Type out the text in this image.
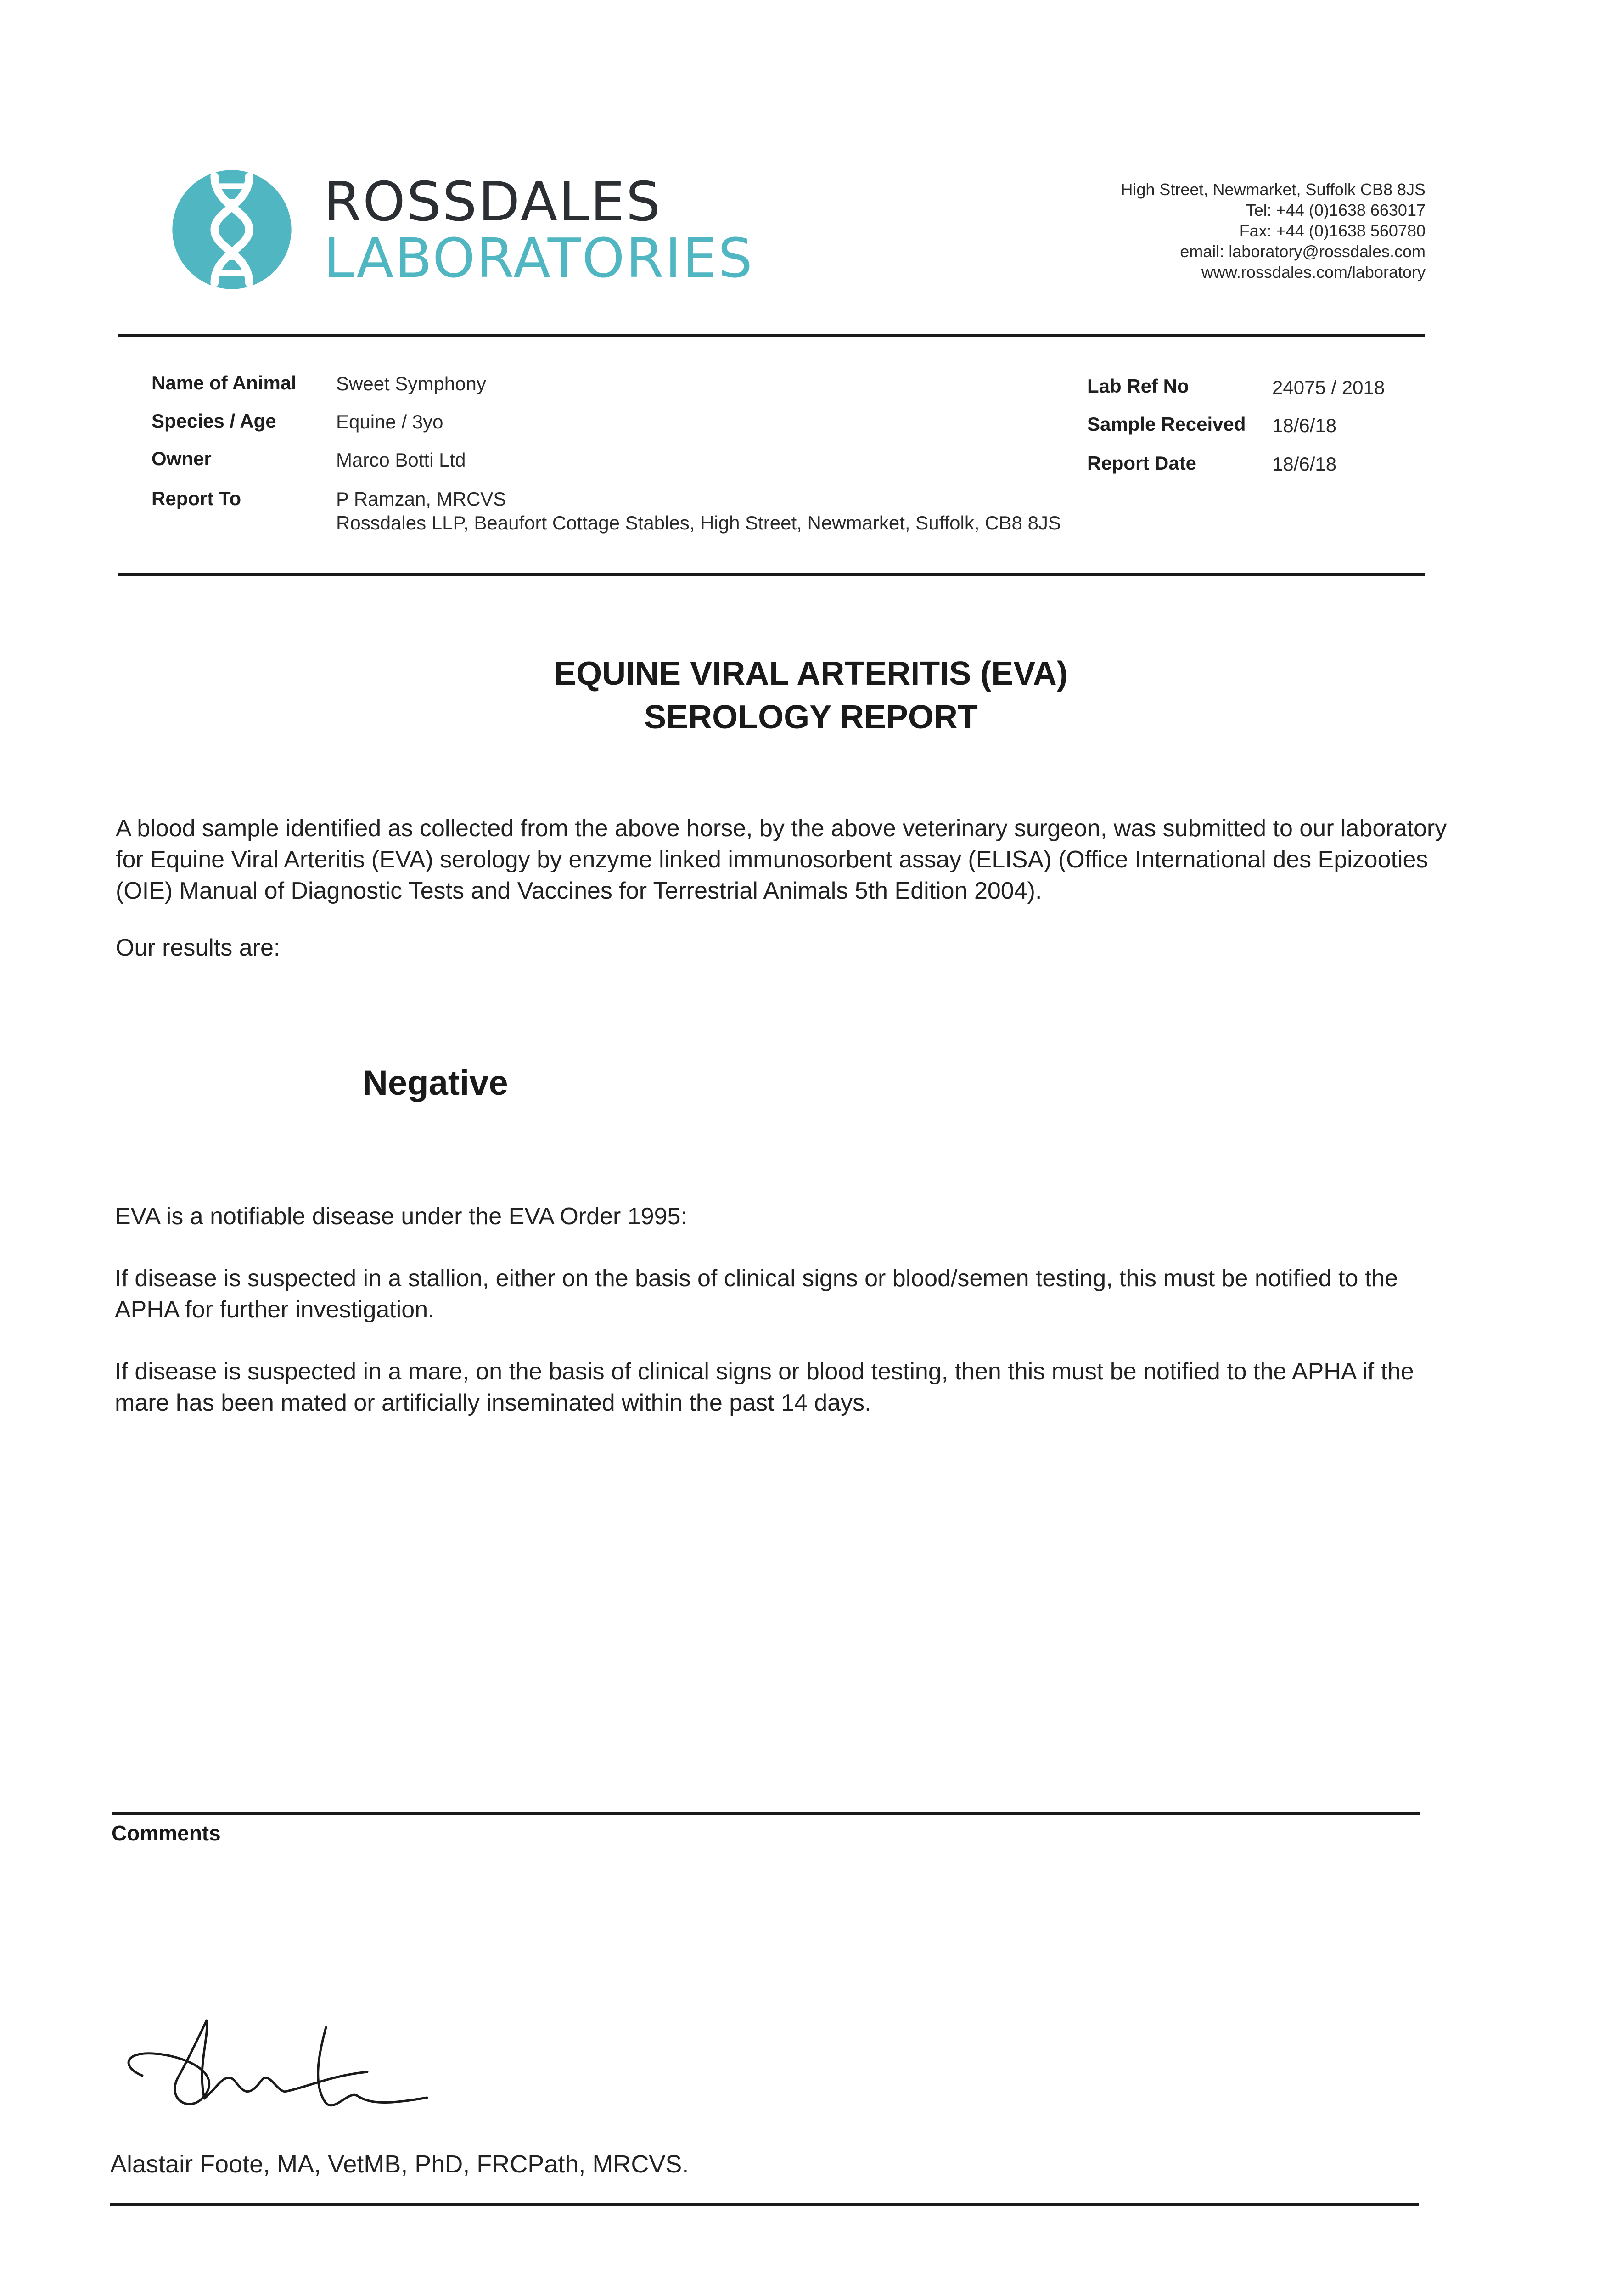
ROSSDALES
LABORATORIES
High Street, Newmarket, Suffolk CB8 8JS
Tel: +44 (0)1638 663017
Fax: +44 (0)1638 560780
email: laboratory@rossdales.com
www.rossdales.com/laboratory
Name of Animal Sweet Symphony
Species / Age	Equine / 3yo
Owner	Marco Botti Ltd
Report To	P Ramzan, MRCVS
Rossdales LLP, Beaufort Cottage Stables, High Street, Newmarket, Suffolk, CB8 8JS
Lab Ref No	24075 / 2018
Sample Received 18/6/18
Report Date	18/6/18
EQUINE VIRAL ARTERITIS (EVA)
SEROLOGY REPORT
A blood sample identified as collected from the above horse, by the above veterinary surgeon, was submitted to our laboratory for Equine Viral Arteritis (EVA) serology by enzyme linked immunosorbent assay (ELISA) (Office International des Epizooties (OIE) Manual of Diagnostic Tests and Vaccines for Terrestrial Animals 5th Edition 2004).
Our results are:
Negative
EVA is a notifiable disease under the EVA Order 1995:
If disease is suspected in a stallion, either on the basis of clinical signs or blood/semen testing, this must be notified to the APHA for further investigation.
If disease is suspected in a mare, on the basis of clinical signs or blood testing, then this must be notified to the APHA if the mare has been mated or artificially inseminated within the past 14 days.
Comments
Alastair Foote, MA, VetMB, PhD, FRCPath, MRCVS.
